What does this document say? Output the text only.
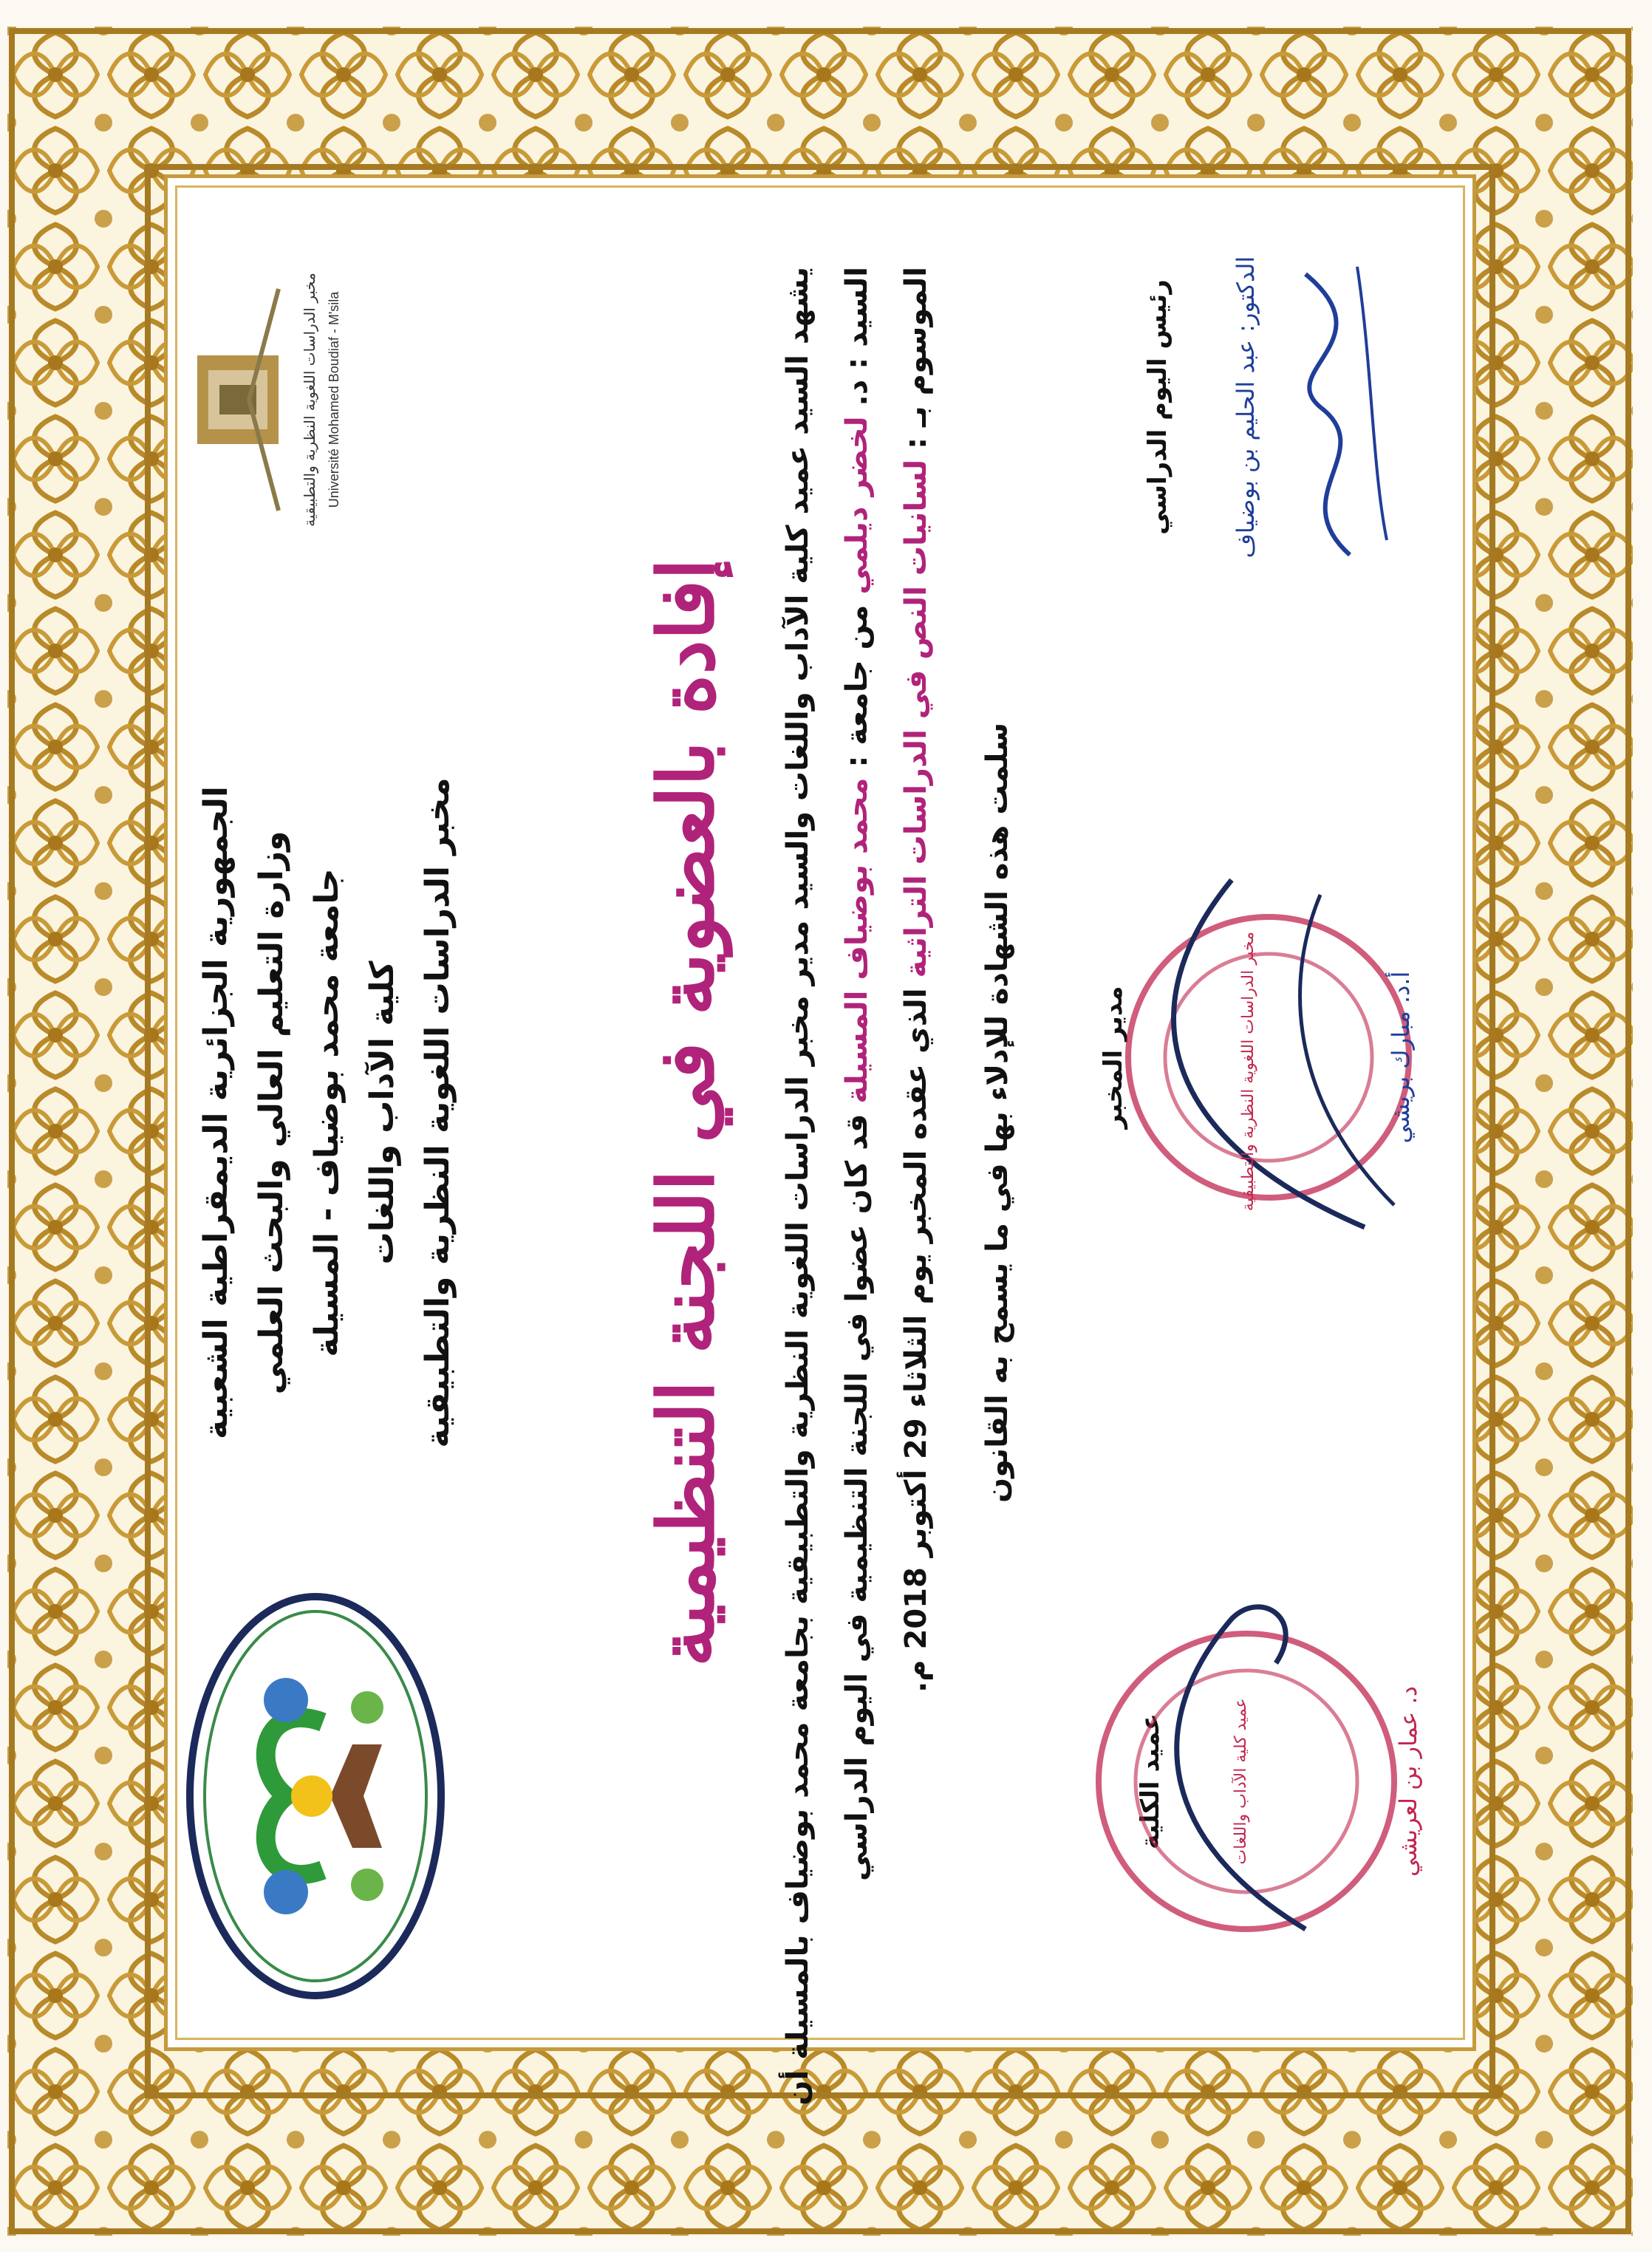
الجمهورية الجزائرية الديمقراطية الشعبية وزارة التعليم العالي والبحث العلمي جامعة محمد بوضياف - المسيلة كلية الآداب واللغات مخبر الدراسات اللغوية النظرية والتطبيقية
مخبر الدراسات اللغوية النظرية والتطبيقية Université Mohamed Boudiaf - M'sila
إفادة بالعضوية في اللجنة التنظيمية يشهد السيد عميد كلية الآداب واللغات والسيد مدير مخبر الدراسات اللغوية النظرية والتطبيقية بجامعة محمد بوضياف بالمسيلة أن السيد : د. لخضر ديلمي من جامعة : محمد بوضياف المسيلة قد كان عضوا في اللجنة التنظيمية في اليوم الدراسي
الموسوم بـ : لسانيات النص في الدراسات التراثية الذي عقده المخبر يوم الثلاثاء 29 أكتوبر 2018 م. سلمت هذه الشهادة للإدلاء بها في ما يسمح به القانون
رئيس اليوم الدراسي	الدكتور: عبد الحليم بن بوضياف
مدير المخبر	مخبر الدراسات اللغوية النظرية والتطبيقية	أ.د. مبارك بريشي
عميد الكلية	عميد كلية الآداب واللغات	د. عمار بن لعريشي
